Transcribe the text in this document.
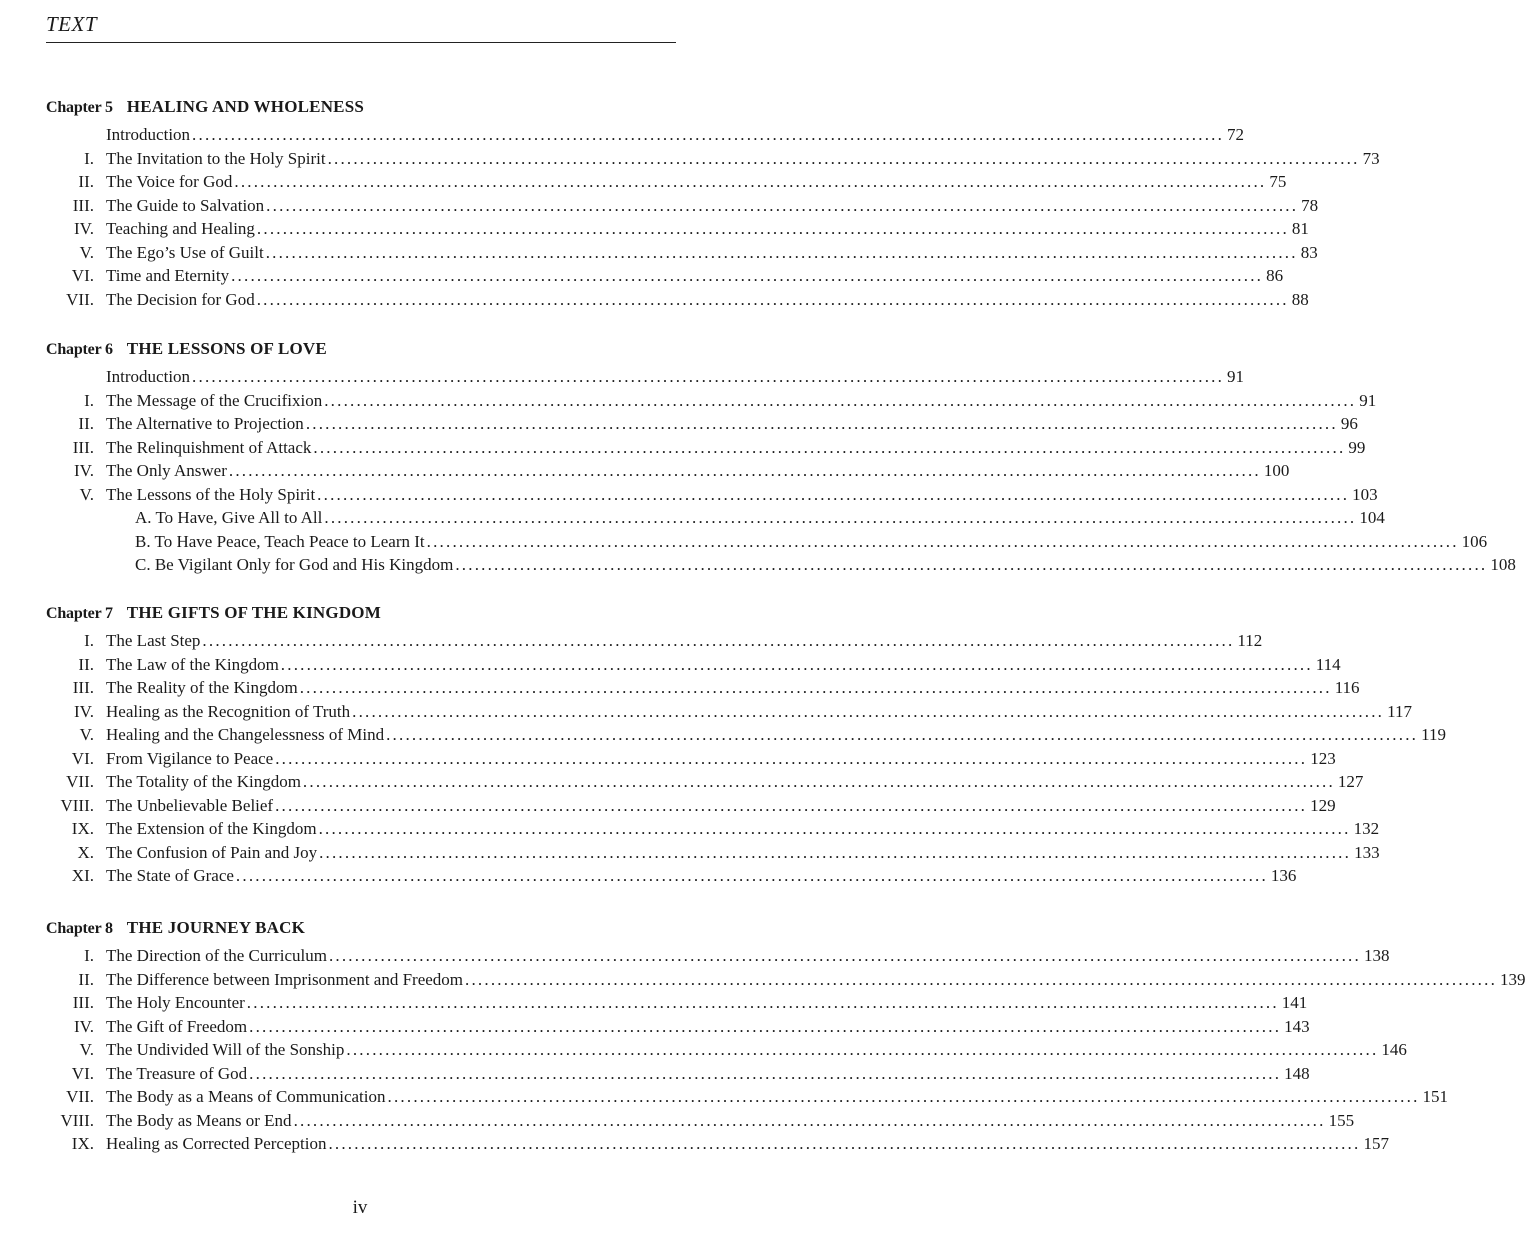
TEXT
Chapter 5 HEALING AND WHOLENESS
Introduction ................................................................................................................................................................ 72
I. The Invitation to the Holy Spirit ................................................................................................................................................................ 73
II. The Voice for God ................................................................................................................................................................ 75
III. The Guide to Salvation ................................................................................................................................................................ 78
IV. Teaching and Healing ................................................................................................................................................................ 81
V. The Ego’s Use of Guilt ................................................................................................................................................................ 83
VI. Time and Eternity ................................................................................................................................................................ 86
VII. The Decision for God ................................................................................................................................................................ 88
Chapter 6 THE LESSONS OF LOVE
Introduction ................................................................................................................................................................ 91
I. The Message of the Crucifixion ................................................................................................................................................................ 91
II. The Alternative to Projection ................................................................................................................................................................ 96
III. The Relinquishment of Attack ................................................................................................................................................................ 99
IV. The Only Answer ................................................................................................................................................................ 100
V. The Lessons of the Holy Spirit ................................................................................................................................................................ 103
A. To Have, Give All to All ................................................................................................................................................................ 104
B. To Have Peace, Teach Peace to Learn It ................................................................................................................................................................ 106
C. Be Vigilant Only for God and His Kingdom ................................................................................................................................................................ 108
Chapter 7 THE GIFTS OF THE KINGDOM
I. The Last Step ................................................................................................................................................................ 112
II. The Law of the Kingdom ................................................................................................................................................................ 114
III. The Reality of the Kingdom ................................................................................................................................................................ 116
IV. Healing as the Recognition of Truth ................................................................................................................................................................ 117
V. Healing and the Changelessness of Mind ................................................................................................................................................................ 119
VI. From Vigilance to Peace ................................................................................................................................................................ 123
VII. The Totality of the Kingdom ................................................................................................................................................................ 127
VIII. The Unbelievable Belief ................................................................................................................................................................ 129
IX. The Extension of the Kingdom ................................................................................................................................................................ 132
X. The Confusion of Pain and Joy ................................................................................................................................................................ 133
XI. The State of Grace ................................................................................................................................................................ 136
Chapter 8 THE JOURNEY BACK
I. The Direction of the Curriculum ................................................................................................................................................................ 138
II. The Difference between Imprisonment and Freedom ................................................................................................................................................................ 139
III. The Holy Encounter ................................................................................................................................................................ 141
IV. The Gift of Freedom ................................................................................................................................................................ 143
V. The Undivided Will of the Sonship ................................................................................................................................................................ 146
VI. The Treasure of God ................................................................................................................................................................ 148
VII. The Body as a Means of Communication ................................................................................................................................................................ 151
VIII. The Body as Means or End ................................................................................................................................................................ 155
IX. Healing as Corrected Perception ................................................................................................................................................................ 157
iv
